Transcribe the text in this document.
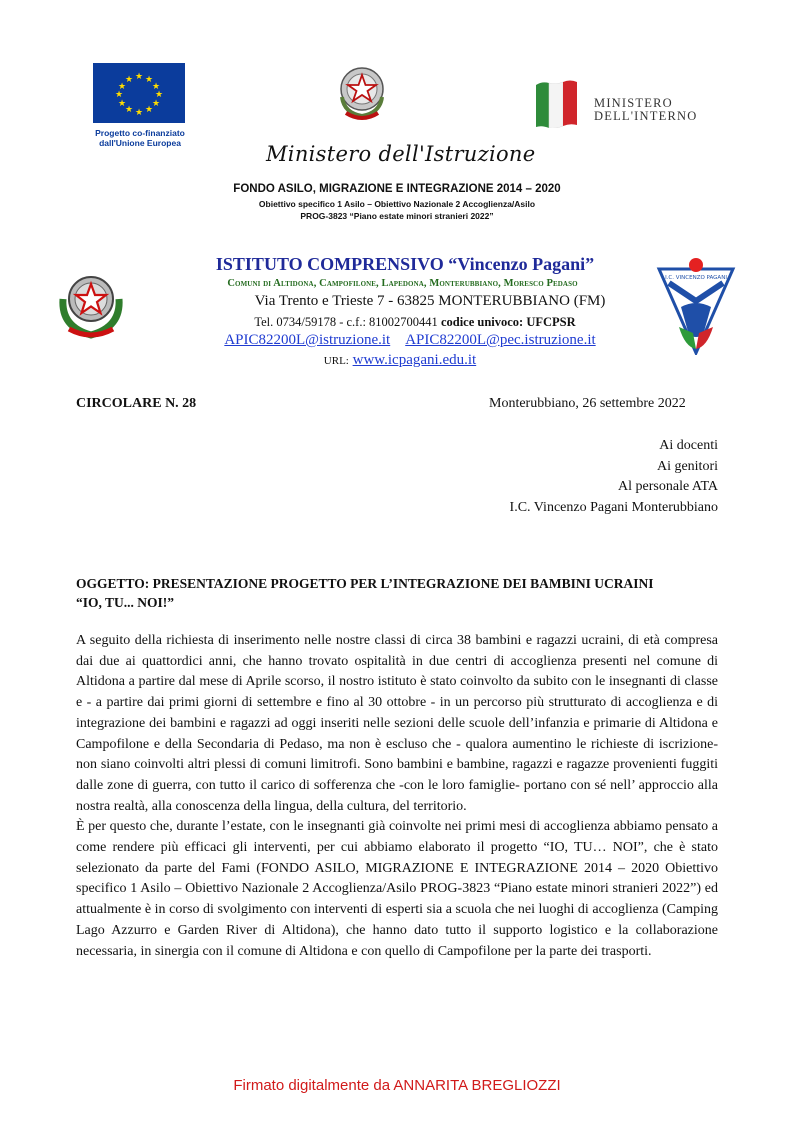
★ ★
★
★
★
★
★
★
★
★
★
★
Progetto co-finanziato
dall'Unione Europea	Ministero dell'Istruzione
MINISTERO
DELL'INTERNO
FONDO ASILO, MIGRAZIONE E INTEGRAZIONE 2014 – 2020
Obiettivo specifico 1 Asilo – Obiettivo Nazionale 2 Accoglienza/Asilo
PROG-3823 “Piano estate minori stranieri 2022”
I.C. VINCENZO PAGANI
ISTITUTO COMPRENSIVO “Vincenzo Pagani”
Comuni di Altidona, Campofilone, Lapedona, Monterubbiano, Moresco Pedaso
Via Trento e Trieste 7 - 63825 MONTERUBBIANO (FM)
Tel. 0734/59178 - c.f.: 81002700441 codice univoco: UFCPSR
APIC82200L@istruzione.it APIC82200L@pec.istruzione.it
URL: www.icpagani.edu.it
CIRCOLARE N. 28	Monterubbiano, 26 settembre 2022
Ai docenti
Ai genitori
Al personale ATA
I.C. Vincenzo Pagani Monterubbiano
OGGETTO: PRESENTAZIONE PROGETTO PER L’INTEGRAZIONE DEI BAMBINI UCRAINI
“IO, TU... NOI!”

A seguito della richiesta di inserimento nelle nostre classi di circa 38 bambini e ragazzi ucraini, di età compresa dai due ai quattordici anni, che hanno trovato ospitalità in due centri di accoglienza presenti nel comune di Altidona a partire dal mese di Aprile scorso, il nostro istituto è stato coinvolto da subito con le insegnanti di classe e - a partire dai primi giorni di settembre e fino al 30 ottobre - in un percorso più strutturato di accoglienza e di integrazione dei bambini e ragazzi ad oggi inseriti nelle sezioni delle scuole dell’infanzia e primarie di Altidona e Campofilone e della Secondaria di Pedaso, ma non è escluso che - qualora aumentino le richieste di iscrizione- non siano coinvolti altri plessi di comuni limitrofi. Sono bambini e bambine, ragazzi e ragazze provenienti fuggiti dalle zone di guerra, con tutto il carico di sofferenza che -con le loro famiglie- portano con sé nell’ approccio alla nostra realtà, alla conoscenza della lingua, della cultura, del territorio.

È per questo che, durante l’estate, con le insegnanti già coinvolte nei primi mesi di accoglienza abbiamo pensato a come rendere più efficaci gli interventi, per cui abbiamo elaborato il progetto “IO, TU… NOI”, che è stato selezionato da parte del Fami (FONDO ASILO, MIGRAZIONE E INTEGRAZIONE 2014 – 2020 Obiettivo specifico 1 Asilo – Obiettivo Nazionale 2 Accoglienza/Asilo PROG-3823 “Piano estate minori stranieri 2022”) ed attualmente è in corso di svolgimento con interventi di esperti sia a scuola che nei luoghi di accoglienza (Camping Lago Azzurro e Garden River di Altidona), che hanno dato tutto il supporto logistico e la collaborazione necessaria, in sinergia con il comune di Altidona e con quello di Campofilone per la parte dei trasporti.

Firmato digitalmente da ANNARITA BREGLIOZZI
